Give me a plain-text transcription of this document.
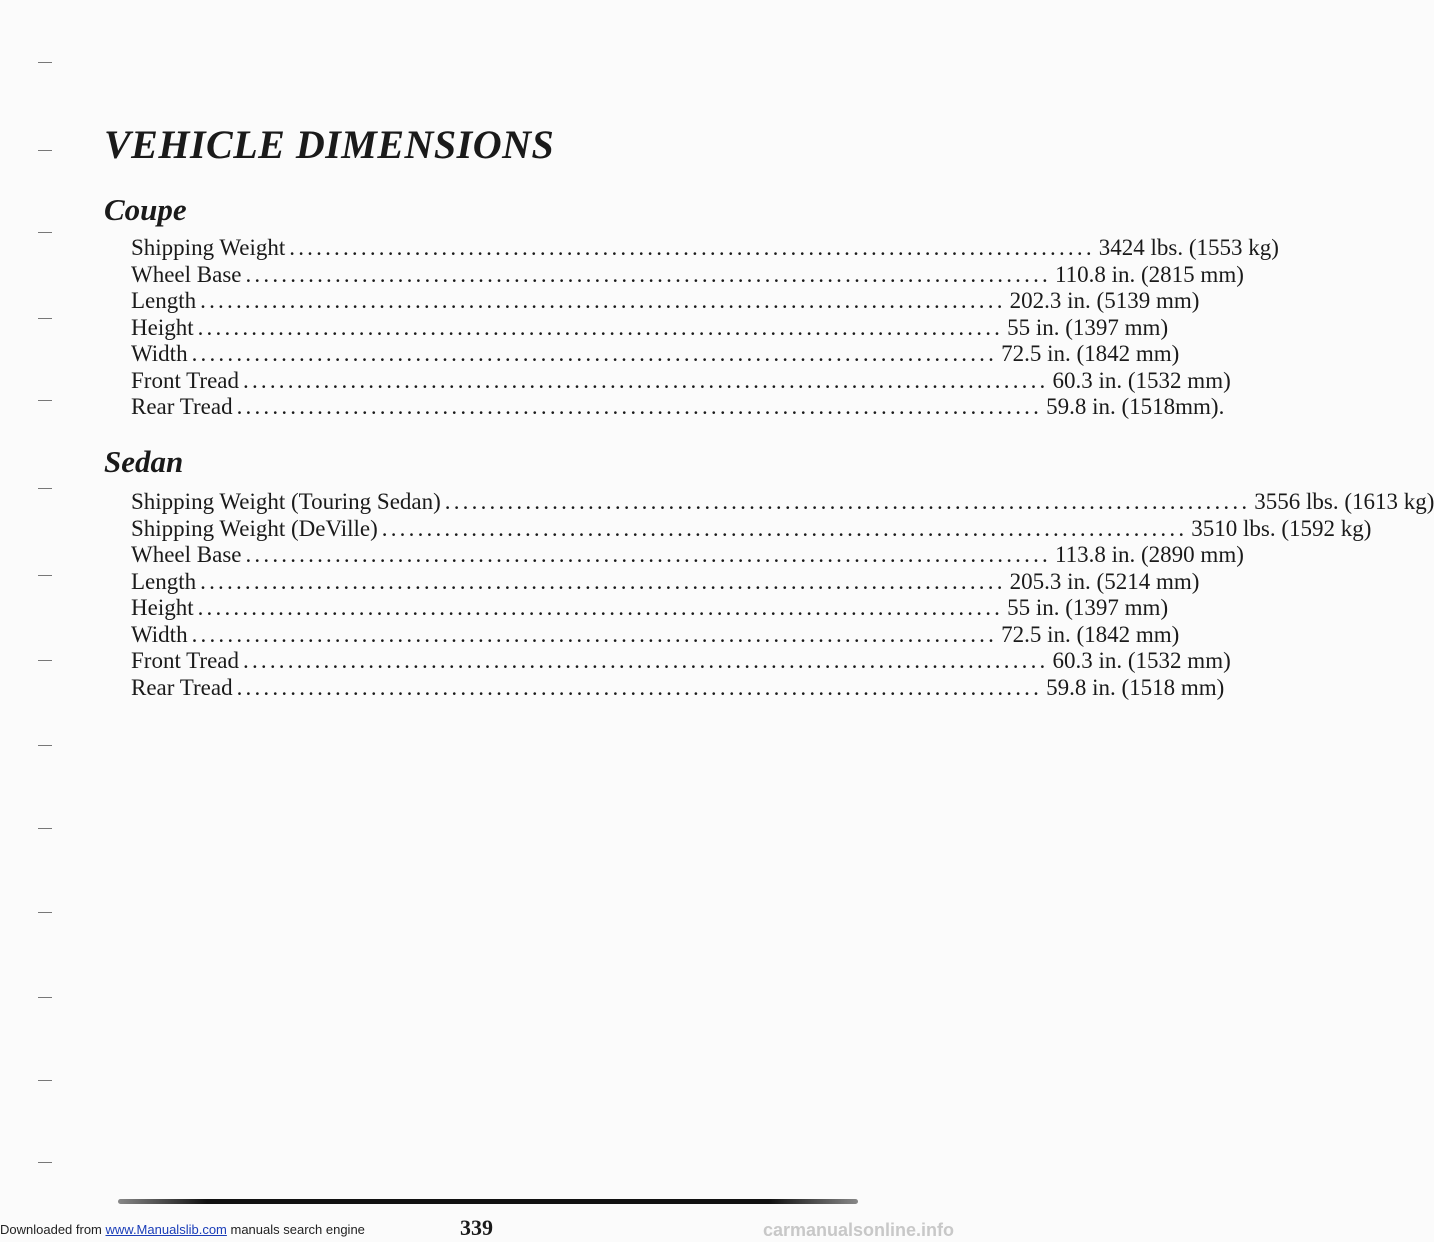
VEHICLE DIMENSIONS
Coupe
Shipping Weight .......................................................................................... 3424 lbs. (1553 kg)
Wheel Base .......................................................................................... 110.8 in. (2815 mm)
Length .......................................................................................... 202.3 in. (5139 mm)
Height .......................................................................................... 55 in. (1397 mm)
Width .......................................................................................... 72.5 in. (1842 mm)
Front Tread .......................................................................................... 60.3 in. (1532 mm)
Rear Tread .......................................................................................... 59.8 in. (1518mm).
Sedan
Shipping Weight (Touring Sedan) .......................................................................................... 3556 lbs. (1613 kg)
Shipping Weight (DeVille) .......................................................................................... 3510 lbs. (1592 kg)
Wheel Base .......................................................................................... 113.8 in. (2890 mm)
Length .......................................................................................... 205.3 in. (5214 mm)
Height .......................................................................................... 55 in. (1397 mm)
Width .......................................................................................... 72.5 in. (1842 mm)
Front Tread .......................................................................................... 60.3 in. (1532 mm)
Rear Tread .......................................................................................... 59.8 in. (1518 mm)
339
Downloaded from www.Manualslib.com manuals search engine	carmanualsonline.info
